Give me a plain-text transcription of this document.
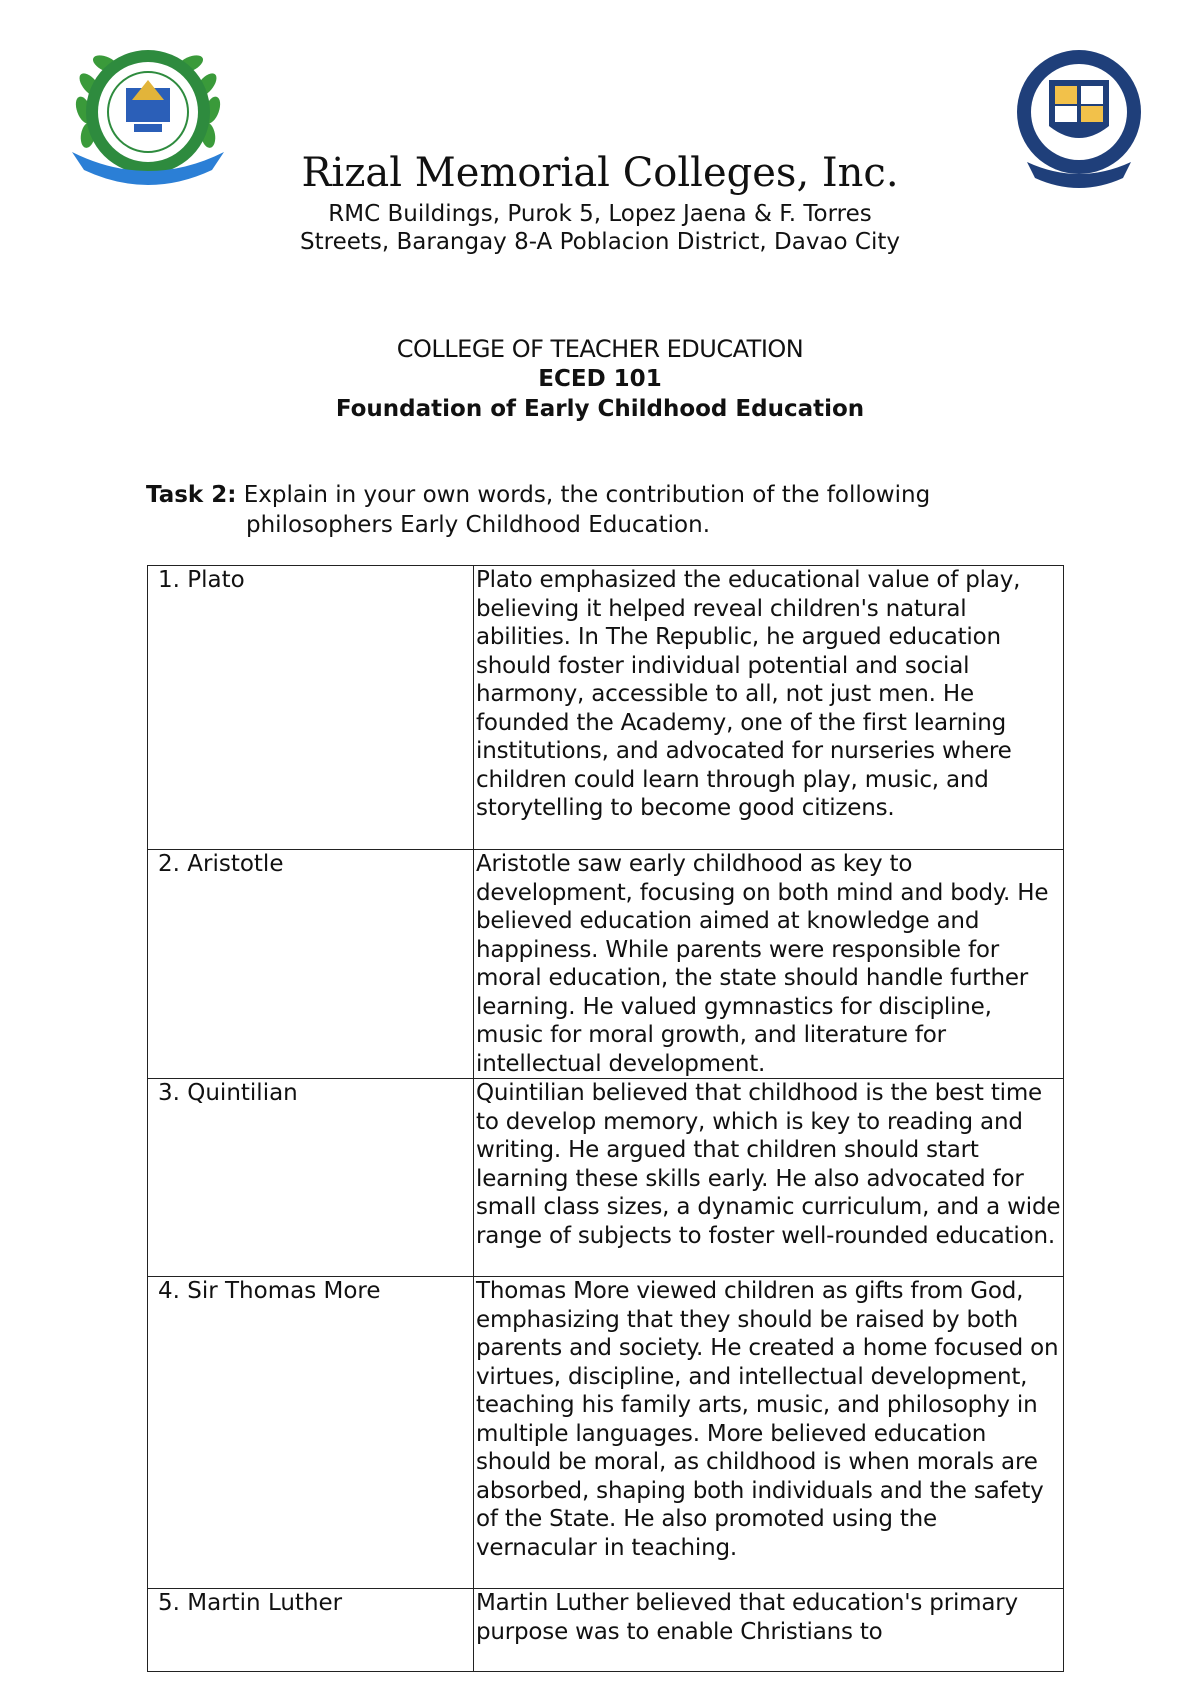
Rizal Memorial Colleges, Inc.
RMC Buildings, Purok 5, Lopez Jaena & F. Torres Streets, Barangay 8-A Poblacion District, Davao City
COLLEGE OF TEACHER EDUCATION
ECED 101
Foundation of Early Childhood Education
Task 2: Explain in your own words, the contribution of the following
philosophers Early Childhood Education.
1. Plato	Plato emphasized the educational value of play, believing it helped reveal children's natural abilities. In The Republic, he argued education should foster individual potential and social harmony, accessible to all, not just men. He founded the Academy, one of the first learning institutions, and advocated for nurseries where children could learn through play, music, and storytelling to become good citizens.
2. Aristotle	Aristotle saw early childhood as key to development, focusing on both mind and body. He believed education aimed at knowledge and happiness. While parents were responsible for moral education, the state should handle further learning. He valued gymnastics for discipline, music for moral growth, and literature for intellectual development.
3. Quintilian	Quintilian believed that childhood is the best time to develop memory, which is key to reading and writing. He argued that children should start learning these skills early. He also advocated for small class sizes, a dynamic curriculum, and a wide range of subjects to foster well-rounded education.
4. Sir Thomas More	Thomas More viewed children as gifts from God, emphasizing that they should be raised by both parents and society. He created a home focused on virtues, discipline, and intellectual development, teaching his family arts, music, and philosophy in multiple languages. More believed education should be moral, as childhood is when morals are absorbed, shaping both individuals and the safety of the State. He also promoted using the vernacular in teaching.
5. Martin Luther	Martin Luther believed that education's primary purpose was to enable Christians to
